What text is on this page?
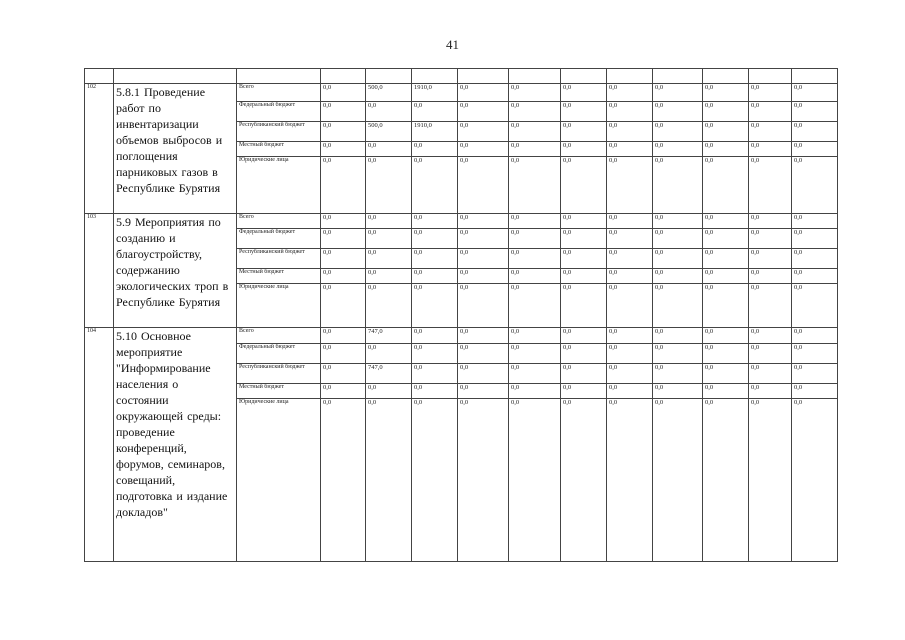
41

102	5.8.1 Проведение работ по инвентаризации объемов выбросов и поглощения парниковых газов в Республике Бурятия	Всего	0,0	500,0	1910,0	0,0	0,0	0,0	0,0	0,0	0,0	0,0	0,0
		Федеральный бюджет	0,0	0,0	0,0	0,0	0,0	0,0	0,0	0,0	0,0	0,0	0,0
		Республиканский бюджет	0,0	500,0	1910,0	0,0	0,0	0,0	0,0	0,0	0,0	0,0	0,0
		Местный бюджет	0,0	0,0	0,0	0,0	0,0	0,0	0,0	0,0	0,0	0,0	0,0
		Юридические лица	0,0	0,0	0,0	0,0	0,0	0,0	0,0	0,0	0,0	0,0	0,0
103	5.9 Мероприятия по созданию и благоустройству, содержанию экологических троп в Республике Бурятия	Всего	0,0	0,0	0,0	0,0	0,0	0,0	0,0	0,0	0,0	0,0	0,0
		Федеральный бюджет	0,0	0,0	0,0	0,0	0,0	0,0	0,0	0,0	0,0	0,0	0,0
		Республиканский бюджет	0,0	0,0	0,0	0,0	0,0	0,0	0,0	0,0	0,0	0,0	0,0
		Местный бюджет	0,0	0,0	0,0	0,0	0,0	0,0	0,0	0,0	0,0	0,0	0,0
		Юридические лица	0,0	0,0	0,0	0,0	0,0	0,0	0,0	0,0	0,0	0,0	0,0
104	5.10 Основное мероприятие "Информирование населения о состоянии окружающей среды: проведение конференций, форумов, семинаров, совещаний, подготовка и издание докладов"	Всего	0,0	747,0	0,0	0,0	0,0	0,0	0,0	0,0	0,0	0,0	0,0
		Федеральный бюджет	0,0	0,0	0,0	0,0	0,0	0,0	0,0	0,0	0,0	0,0	0,0
		Республиканский бюджет	0,0	747,0	0,0	0,0	0,0	0,0	0,0	0,0	0,0	0,0	0,0
		Местный бюджет	0,0	0,0	0,0	0,0	0,0	0,0	0,0	0,0	0,0	0,0	0,0
		Юридические лица	0,0	0,0	0,0	0,0	0,0	0,0	0,0	0,0	0,0	0,0	0,0
